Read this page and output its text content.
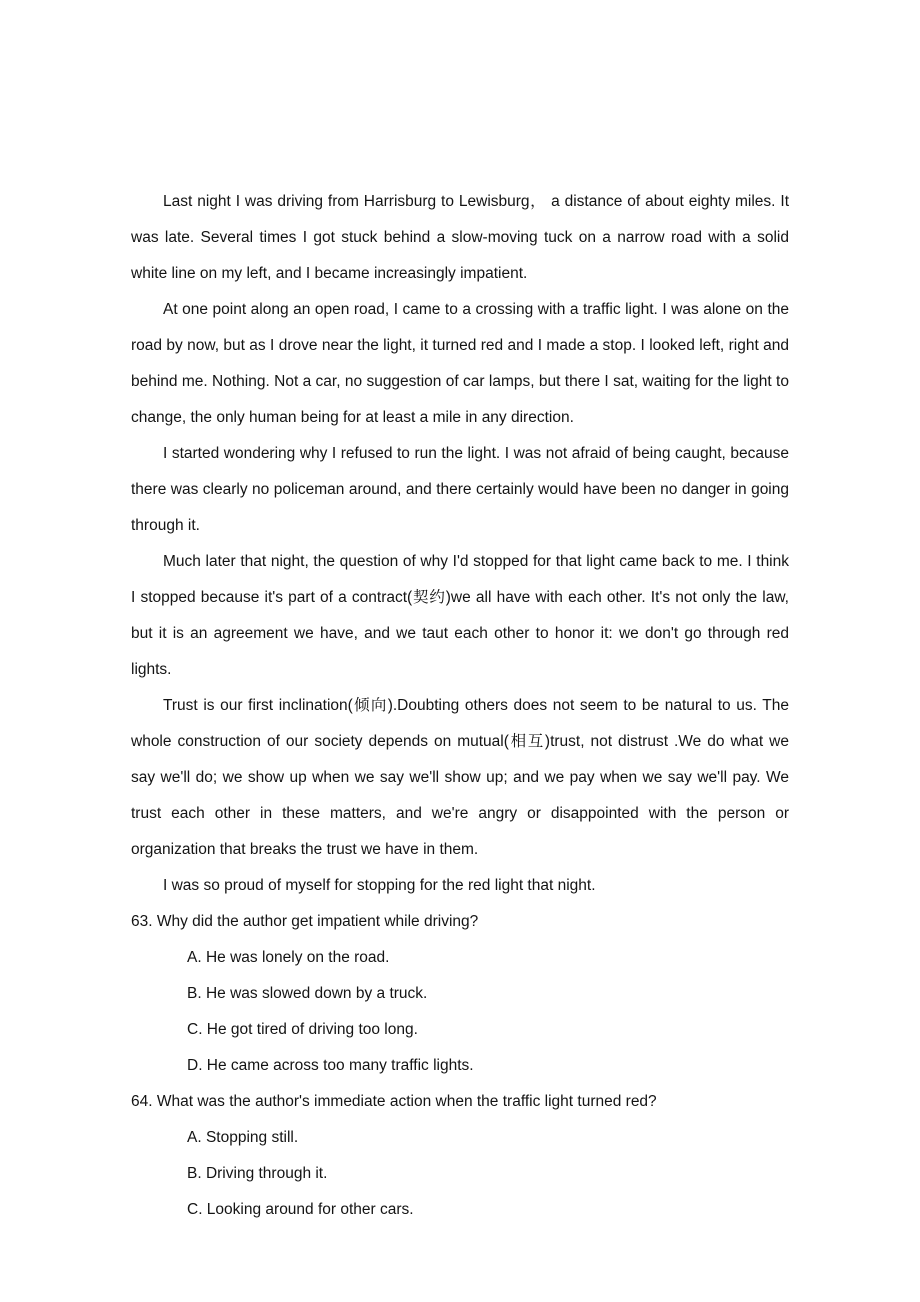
Last night I was driving from Harrisburg to Lewisburg， a distance of about eighty miles. It was late. Several times I got stuck behind a slow-moving tuck on a narrow road with a solid white line on my left, and I became increasingly impatient.

At one point along an open road, I came to a crossing with a traffic light. I was alone on the road by now, but as I drove near the light, it turned red and I made a stop. I looked left, right and behind me. Nothing. Not a car, no suggestion of car lamps, but there I sat, waiting for the light to change, the only human being for at least a mile in any direction.

I started wondering why I refused to run the light. I was not afraid of being caught, because there was clearly no policeman around, and there certainly would have been no danger in going through it.

Much later that night, the question of why I'd stopped for that light came back to me. I think I stopped because it's part of a contract(契约)we all have with each other. It's not only the law, but it is an agreement we have, and we taut each other to honor it: we don't go through red lights.

Trust is our first inclination(倾向).Doubting others does not seem to be natural to us. The whole construction of our society depends on mutual(相互)trust, not distrust .We do what we say we'll do; we show up when we say we'll show up; and we pay when we say we'll pay. We trust each other in these matters, and we're angry or disappointed with the person or organization that breaks the trust we have in them.

I was so proud of myself for stopping for the red light that night.

63. Why did the author get impatient while driving?
A. He was lonely on the road.
B. He was slowed down by a truck.
C. He got tired of driving too long.
D. He came across too many traffic lights.
64. What was the author's immediate action when the traffic light turned red?
A. Stopping still.
B. Driving through it.
C. Looking around for other cars.
